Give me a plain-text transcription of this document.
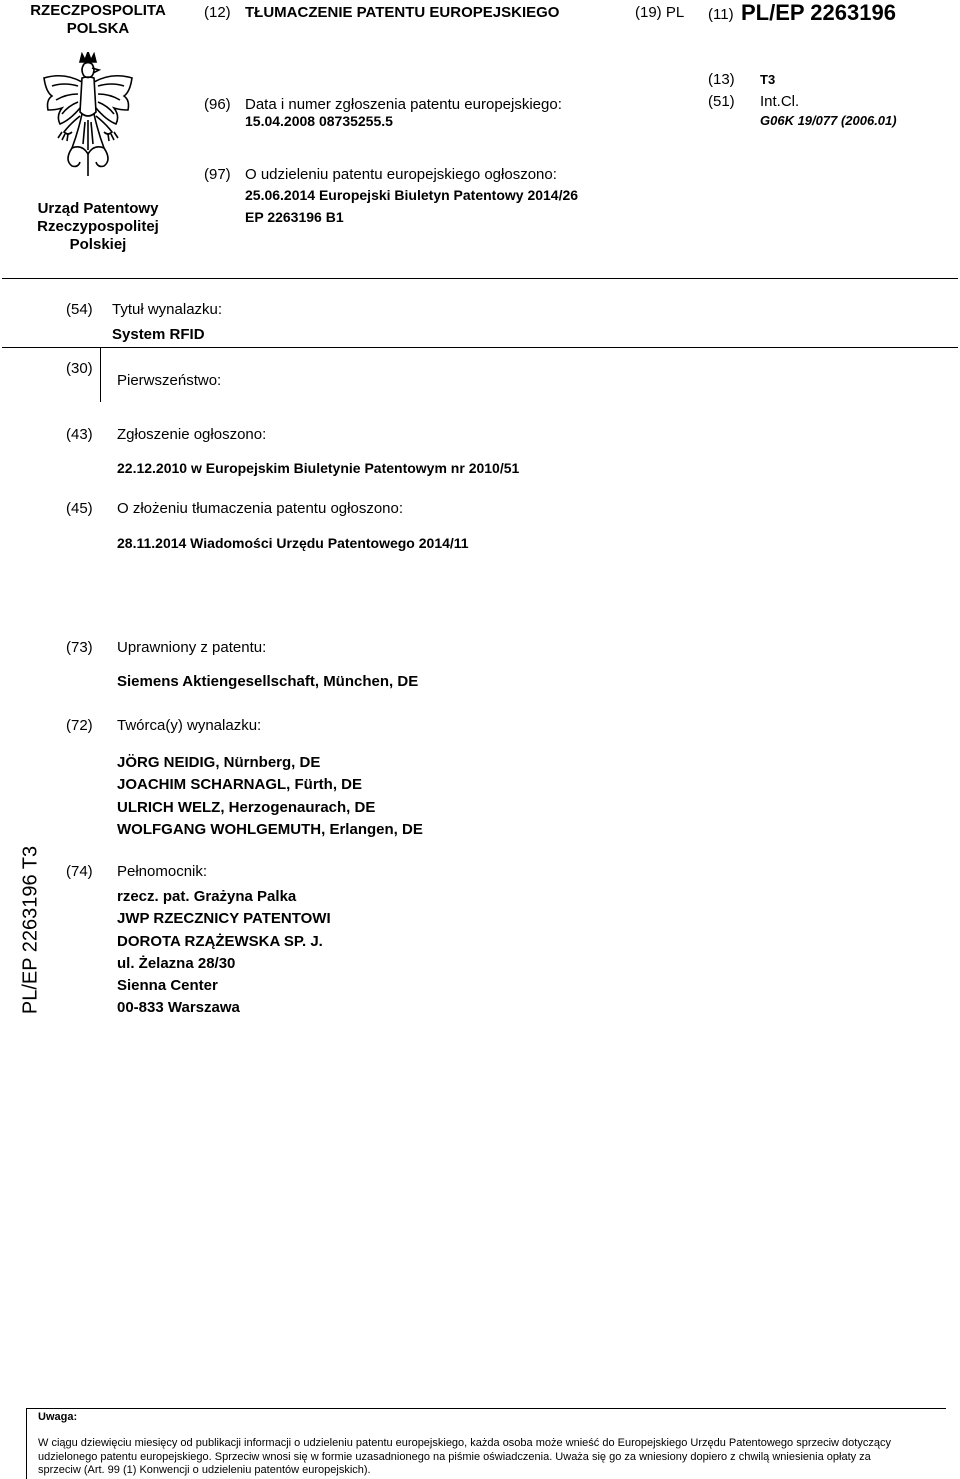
RZECZPOSPOLITA
POLSKA
(12) TŁUMACZENIE PATENTU EUROPEJSKIEGO	(19) PL (11) PL/EP 2263196
Urząd Patentowy
Rzeczypospolitej
Polskiej
(96) Data i numer zgłoszenia patentu europejskiego:
15.04.2008 08735255.5
(13) T3
(51) Int.Cl.
G06K 19/077 (2006.01)
(97) O udzieleniu patentu europejskiego ogłoszono:
25.06.2014 Europejski Biuletyn Patentowy 2014/26
EP 2263196 B1
(54) Tytuł wynalazku:
System RFID
(30)
Pierwszeństwo:
(43) Zgłoszenie ogłoszono:
22.12.2010 w Europejskim Biuletynie Patentowym nr 2010/51
(45) O złożeniu tłumaczenia patentu ogłoszono:
28.11.2014 Wiadomości Urzędu Patentowego 2014/11
(73) Uprawniony z patentu:
Siemens Aktiengesellschaft, München, DE
(72) Twórca(y) wynalazku:
JÖRG NEIDIG, Nürnberg, DE
JOACHIM SCHARNAGL, Fürth, DE
ULRICH WELZ, Herzogenaurach, DE
WOLFGANG WOHLGEMUTH, Erlangen, DE
(74) Pełnomocnik:
rzecz. pat. Grażyna Palka
JWP RZECZNICY PATENTOWI
DOROTA RZĄŻEWSKA SP. J.
ul. Żelazna 28/30
Sienna Center
00-833 Warszawa
PL/EP 2263196 T3
Uwaga:
W ciągu dziewięciu miesięcy od publikacji informacji o udzieleniu patentu europejskiego, każda osoba może wnieść do Europejskiego Urzędu Patentowego sprzeciw dotyczący
udzielonego patentu europejskiego. Sprzeciw wnosi się w formie uzasadnionego na piśmie oświadczenia. Uważa się go za wniesiony dopiero z chwilą wniesienia opłaty za
sprzeciw (Art. 99 (1) Konwencji o udzieleniu patentów europejskich).
